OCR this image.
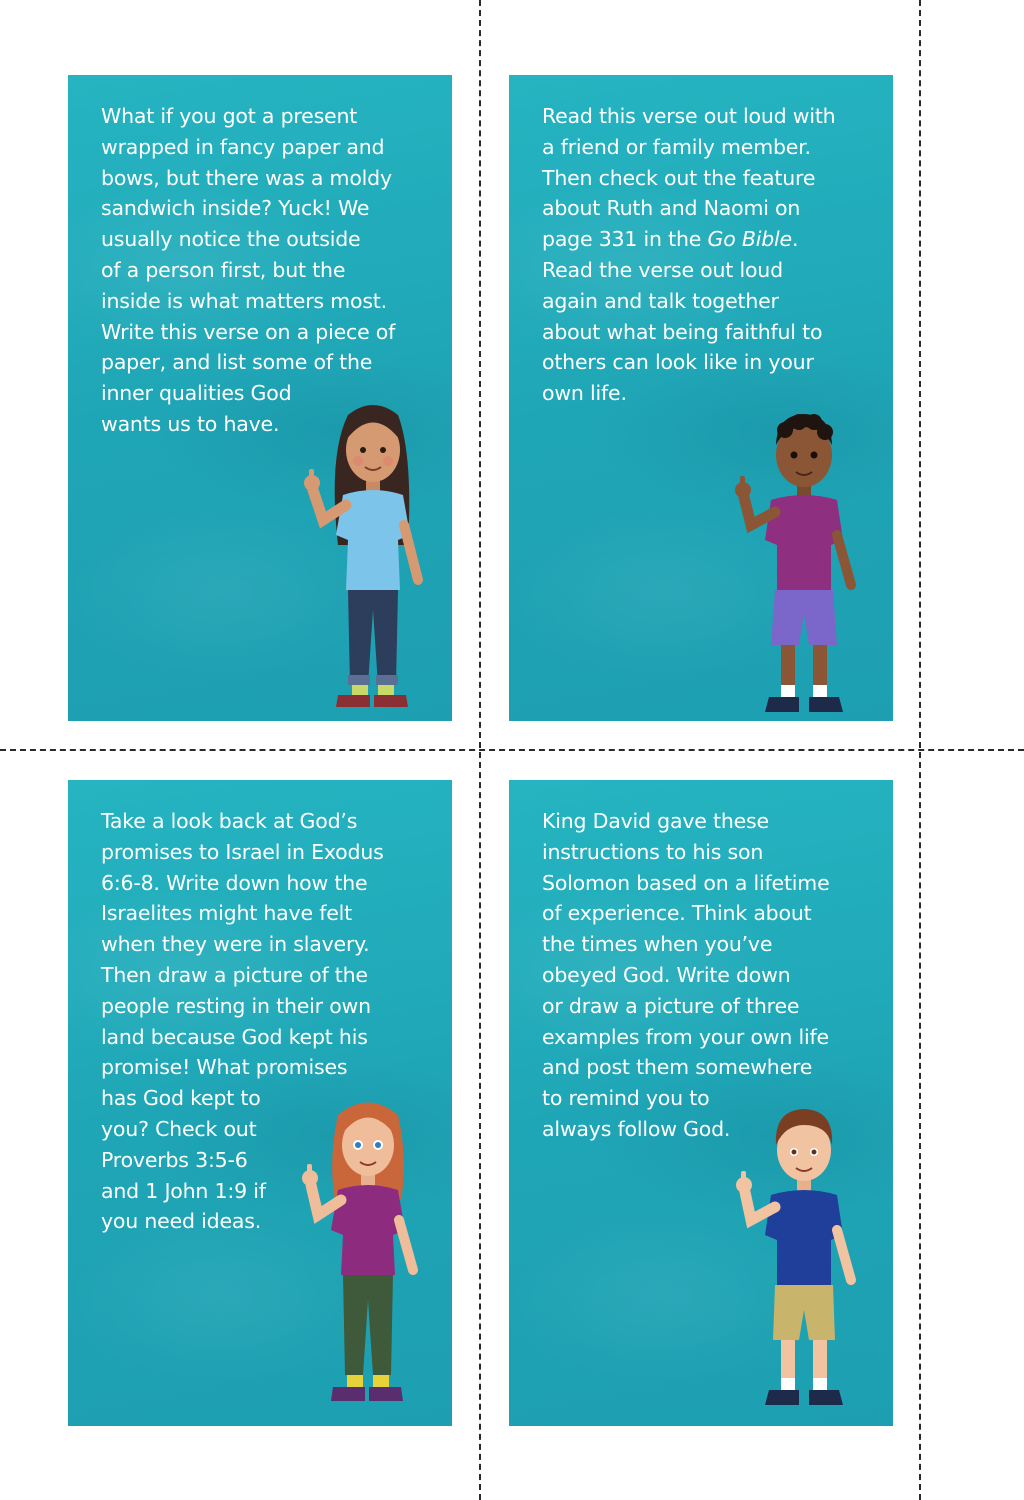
What if you got a present
wrapped in fancy paper and
bows, but there was a moldy
sandwich inside? Yuck! We
usually notice the outside
of a person first, but the
inside is what matters most.
Write this verse on a piece of
paper, and list some of the
inner qualities God
wants us to have.
Read this verse out loud with
a friend or family member.
Then check out the feature
about Ruth and Naomi on
page 331 in the Go Bible.
Read the verse out loud
again and talk together
about what being faithful to
others can look like in your
own life.
Take a look back at God’s
promises to Israel in Exodus
6:6-8. Write down how the
Israelites might have felt
when they were in slavery.
Then draw a picture of the
people resting in their own
land because God kept his
promise! What promises
has God kept to
you? Check out
Proverbs 3:5-6
and 1 John 1:9 if
you need ideas.
King David gave these
instructions to his son
Solomon based on a lifetime
of experience. Think about
the times when you’ve
obeyed God. Write down
or draw a picture of three
examples from your own life
and post them somewhere
to remind you to
always follow God.
